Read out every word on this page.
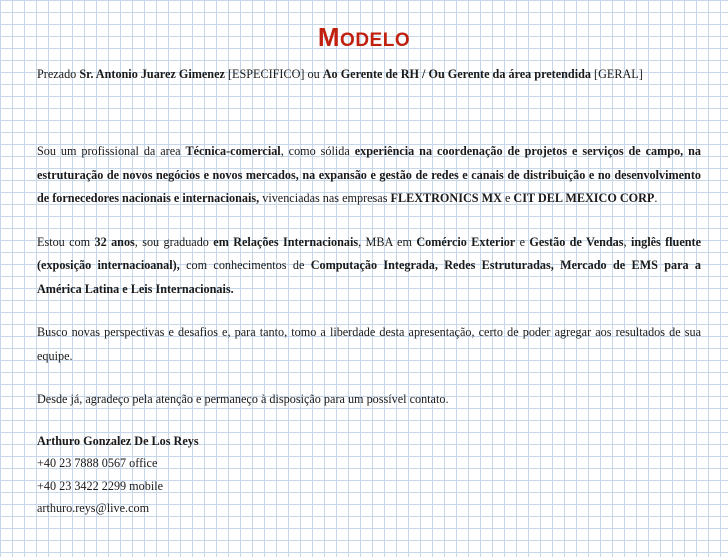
MODELO
Prezado Sr. Antonio Juarez Gimenez [ESPECIFICO] ou Ao Gerente de RH / Ou Gerente da área pretendida [GERAL]

Sou um profissional da area Técnica-comercial, como sólida experiência na coordenação de projetos e serviços de campo, na estruturação de novos negócios e novos mercados, na expansão e gestão de redes e canais de distribuição e no desenvolvimento de fornecedores nacionais e internacionais, vivenciadas nas empresas FLEXTRONICS MX e CIT DEL MEXICO CORP.

Estou com 32 anos, sou graduado em Relações Internacionais, MBA em Comércio Exterior e Gestão de Vendas, inglês fluente (exposição internacioanal), com conhecimentos de Computação Integrada, Redes Estruturadas, Mercado de EMS para a América Latina e Leis Internacionais.

Busco novas perspectivas e desafios e, para tanto, tomo a liberdade desta apresentação, certo de poder agregar aos resultados de sua equipe.

Desde já, agradeço pela atenção e permaneço à disposição para um possível contato.

Arthuro Gonzalez De Los Reys
+40 23 7888 0567 office
+40 23 3422 2299 mobile
arthuro.reys@live.com
